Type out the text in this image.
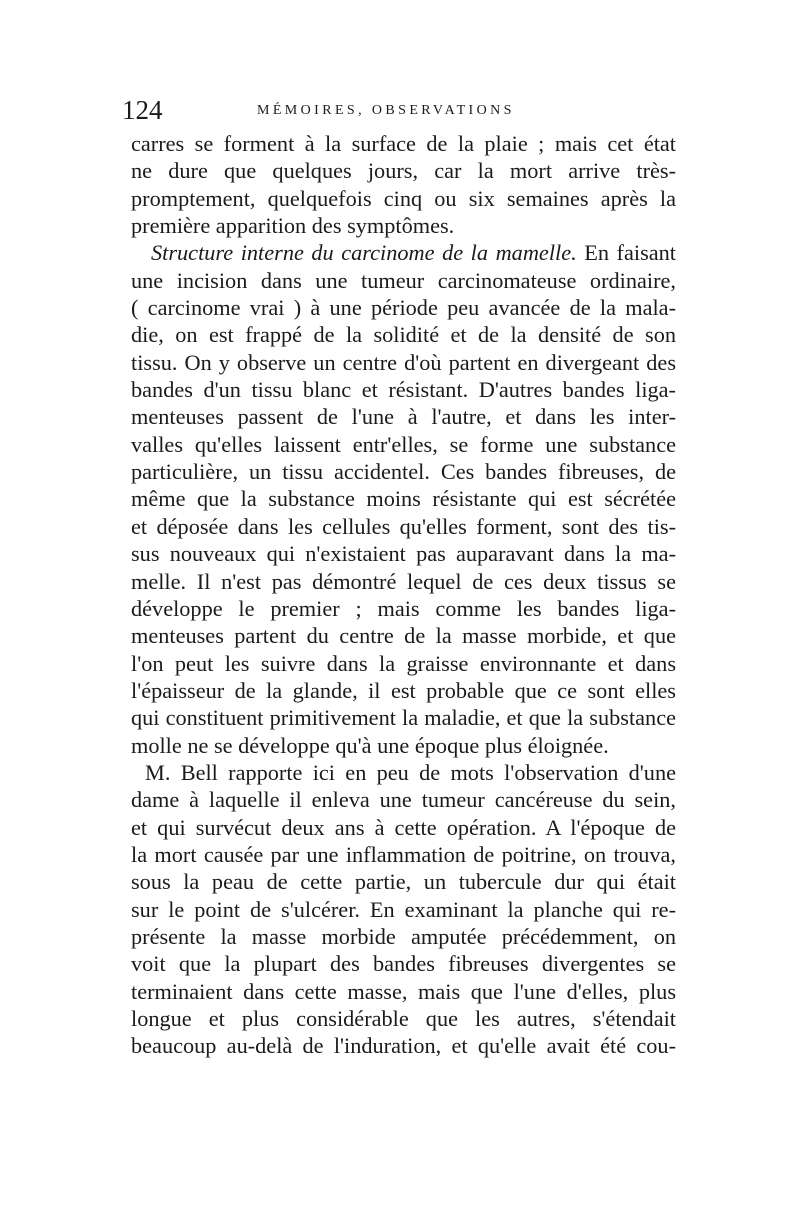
124	MÉMOIRES, OBSERVATIONS
carres se forment à la surface de la plaie ; mais cet état
ne dure que quelques jours, car la mort arrive très-
promptement, quelquefois cinq ou six semaines après la
première apparition des symptômes.
Structure interne du carcinome de la mamelle. En faisant
une incision dans une tumeur carcinomateuse ordinaire,
( carcinome vrai ) à une période peu avancée de la mala-
die, on est frappé de la solidité et de la densité de son
tissu. On y observe un centre d'où partent en divergeant des
bandes d'un tissu blanc et résistant. D'autres bandes liga-
menteuses passent de l'une à l'autre, et dans les inter-
valles qu'elles laissent entr'elles, se forme une substance
particulière, un tissu accidentel. Ces bandes fibreuses, de
même que la substance moins résistante qui est sécrétée
et déposée dans les cellules qu'elles forment, sont des tis-
sus nouveaux qui n'existaient pas auparavant dans la ma-
melle. Il n'est pas démontré lequel de ces deux tissus se
développe le premier ; mais comme les bandes liga-
menteuses partent du centre de la masse morbide, et que
l'on peut les suivre dans la graisse environnante et dans
l'épaisseur de la glande, il est probable que ce sont elles
qui constituent primitivement la maladie, et que la substance
molle ne se développe qu'à une époque plus éloignée.
M. Bell rapporte ici en peu de mots l'observation d'une
dame à laquelle il enleva une tumeur cancéreuse du sein,
et qui survécut deux ans à cette opération. A l'époque de
la mort causée par une inflammation de poitrine, on trouva,
sous la peau de cette partie, un tubercule dur qui était
sur le point de s'ulcérer. En examinant la planche qui re-
présente la masse morbide amputée précédemment, on
voit que la plupart des bandes fibreuses divergentes se
terminaient dans cette masse, mais que l'une d'elles, plus
longue et plus considérable que les autres, s'étendait
beaucoup au-delà de l'induration, et qu'elle avait été cou-
